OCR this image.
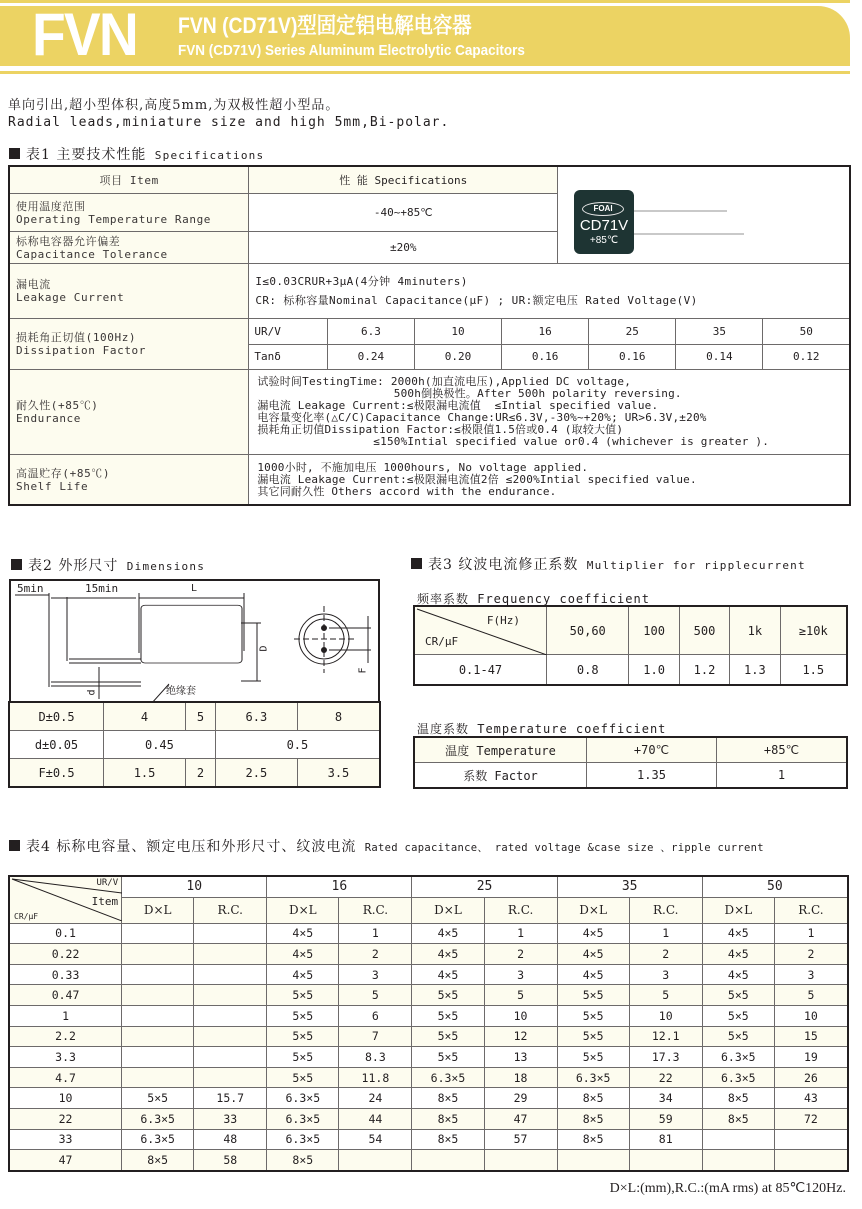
FVN FVN (CD71V)型固定铝电解电容器
FVN (CD71V) Series Aluminum Electrolytic Capacitors
单向引出,超小型体积,高度5mm,为双极性超小型品。
Radial leads,miniature size and high 5mm,Bi-polar.
表1 主要技术性能 Specifications
项目 Item	性 能 Specifications	

使用温度范围
Operating Temperature Range	-40~+85℃

标称电容器允许偏差
Capacitance Tolerance	±20%

漏电流
Leakage Current

I≤0.03CRUR+3μA(4分钟 4minuters)
CR: 标称容量Nominal Capacitance(μF) ; UR:额定电压 Rated Voltage(V)

损耗角正切值(100Hz)
Dissipation Factor

UR/V	6.3	10	16	25	35	50
Tanδ	0.24	0.20	0.16	0.16	0.14	0.12

耐久性(+85℃)
Endurance

试验时间TestingTime: 2000h(加直流电压),Applied DC voltage,
500h倒换极性。After 500h polarity reversing.
漏电流 Leakage Current:≤极限漏电流值  ≤Intial specified value.
电容量变化率(△C/C)Capacitance Change:UR≤6.3V,-30%~+20%; UR>6.3V,±20%
损耗角正切值Dissipation Factor:≤极限值1.5倍或0.4 (取较大值)
≤150%Intial specified value or0.4 (whichever is greater ).

高温贮存(+85℃)
Shelf Life

1000小时, 不施加电压 1000hours, No voltage applied.
漏电流 Leakage Current:≤极限漏电流值2倍 ≤200%Intial specified value.
其它同耐久性 Others accord with the endurance.
FOAI
CD71V
+85℃
表2 外形尺寸 Dimensions
5min	15min	L
D
d
F
绝缘套
D±0.5	4	5	6.3	8
d±0.05	0.45		0.5	
F±0.5	1.5	2	2.5	3.5
表3 纹波电流修正系数 Multiplier for ripplecurrent
频率系数 Frequency coefficient
F(Hz)
CR/μF	50,60	100	500	1k	≥10k
0.1-47	0.8	1.0	1.2	1.3	1.5
温度系数 Temperature coefficient
温度 Temperature	+70℃	+85℃
系数 Factor	1.35	1
表4 标称电容量、额定电压和外形尺寸、纹波电流 Rated capacitance、 rated voltage &case size 、ripple current
UR/V
Item
CR/μF	10		16		25		35		50	
	D×L	R.C.	D×L	R.C.	D×L	R.C.	D×L	R.C.	D×L	R.C.
0.1			4×5	1	4×5	1	4×5	1	4×5	1
0.22			4×5	2	4×5	2	4×5	2	4×5	2
0.33			4×5	3	4×5	3	4×5	3	4×5	3
0.47			5×5	5	5×5	5	5×5	5	5×5	5
1			5×5	6	5×5	10	5×5	10	5×5	10
2.2			5×5	7	5×5	12	5×5	12.1	5×5	15
3.3			5×5	8.3	5×5	13	5×5	17.3	6.3×5	19
4.7			5×5	11.8	6.3×5	18	6.3×5	22	6.3×5	26
10	5×5	15.7	6.3×5	24	8×5	29	8×5	34	8×5	43
22	6.3×5	33	6.3×5	44	8×5	47	8×5	59	8×5	72
33	6.3×5	48	6.3×5	54	8×5	57	8×5	81		
47	8×5	58	8×5							
D×L:(mm),R.C.:(mA rms) at 85℃120Hz.
